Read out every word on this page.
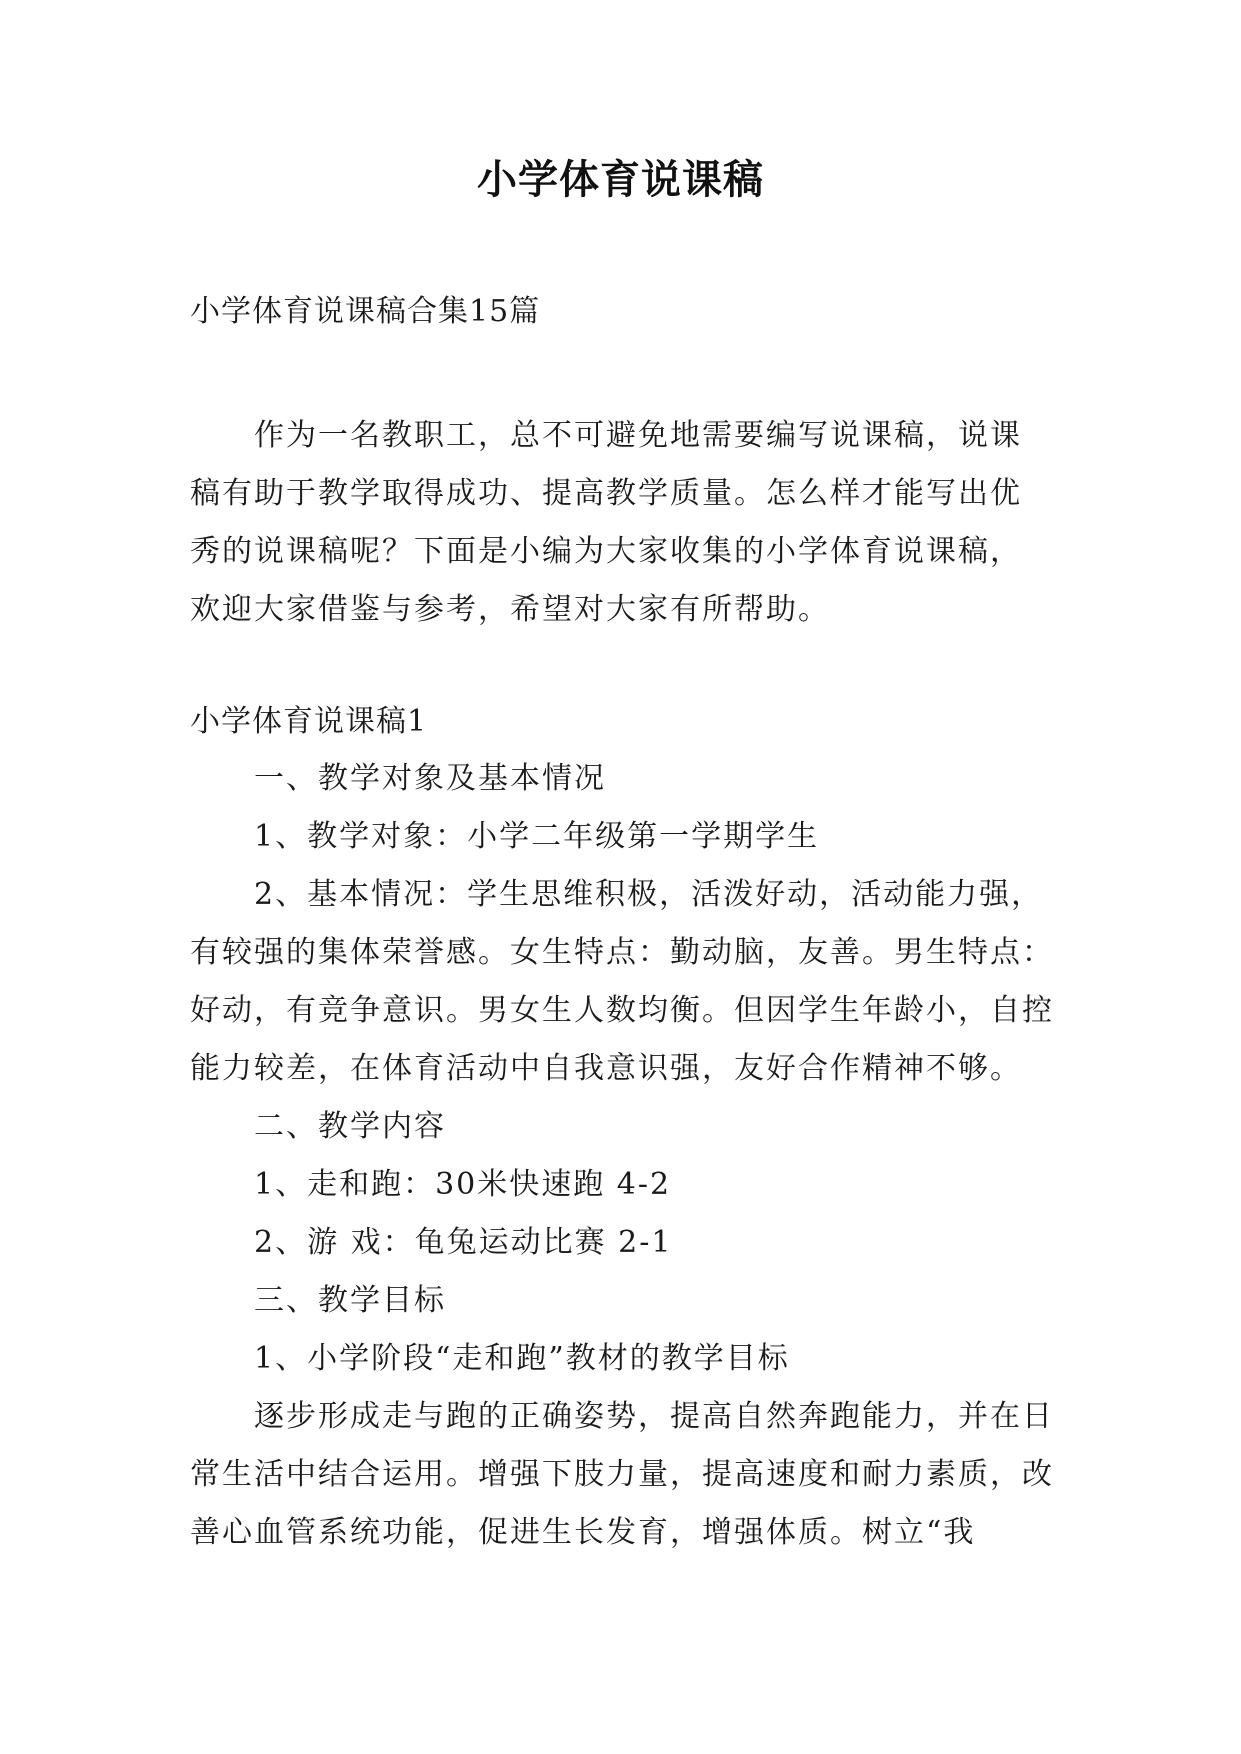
小学体育说课稿
小学体育说课稿合集15篇

作为一名教职工，总不可避免地需要编写说课稿，说课稿有助于教学取得成功、提高教学质量。怎么样才能写出优秀的说课稿呢？下面是小编为大家收集的小学体育说课稿，欢迎大家借鉴与参考，希望对大家有所帮助。

小学体育说课稿1

一、教学对象及基本情况

1、教学对象：小学二年级第一学期学生

2、基本情况：学生思维积极，活泼好动，活动能力强，有较强的集体荣誉感。女生特点：勤动脑，友善。男生特点：好动，有竞争意识。男女生人数均衡。但因学生年龄小，自控能力较差，在体育活动中自我意识强，友好合作精神不够。

二、教学内容

1、走和跑：30米快速跑 4-2

2、游 戏：龟兔运动比赛 2-1

三、教学目标

1、小学阶段“走和跑”教材的教学目标

逐步形成走与跑的正确姿势，提高自然奔跑能力，并在日常生活中结合运用。增强下肢力量，提高速度和耐力素质，改善心血管系统功能，促进生长发育，增强体质。树立“我
